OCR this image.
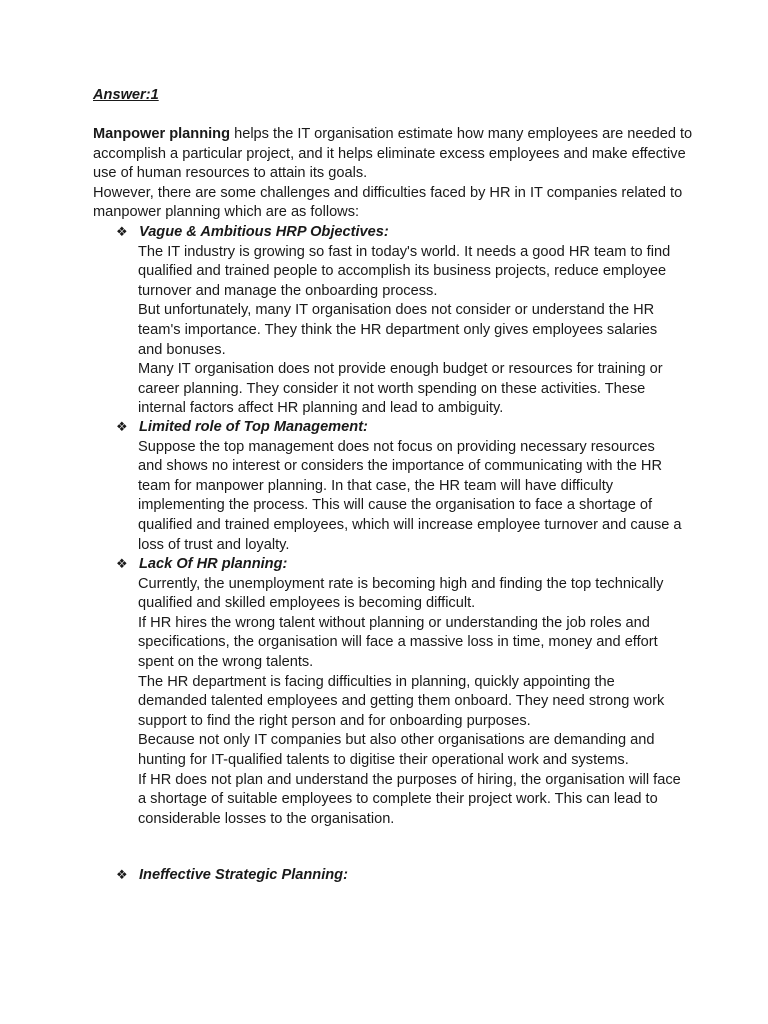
Answer:1

Manpower planning helps the IT organisation estimate how many employees are needed to accomplish a particular project, and it helps eliminate excess employees and make effective use of human resources to attain its goals.

However, there are some challenges and difficulties faced by HR in IT companies related to manpower planning which are as follows:

❖ Vague & Ambitious HRP Objectives:

The IT industry is growing so fast in today's world. It needs a good HR team to find qualified and trained people to accomplish its business projects, reduce employee turnover and manage the onboarding process.

But unfortunately, many IT organisation does not consider or understand the HR team's importance. They think the HR department only gives employees salaries and bonuses.

Many IT organisation does not provide enough budget or resources for training or career planning. They consider it not worth spending on these activities. These internal factors affect HR planning and lead to ambiguity.

❖ Limited role of Top Management:

Suppose the top management does not focus on providing necessary resources and shows no interest or considers the importance of communicating with the HR team for manpower planning. In that case, the HR team will have difficulty implementing the process. This will cause the organisation to face a shortage of qualified and trained employees, which will increase employee turnover and cause a loss of trust and loyalty.

❖ Lack Of HR planning:

Currently, the unemployment rate is becoming high and finding the top technically qualified and skilled employees is becoming difficult.

If HR hires the wrong talent without planning or understanding the job roles and specifications, the organisation will face a massive loss in time, money and effort spent on the wrong talents.

The HR department is facing difficulties in planning, quickly appointing the demanded talented employees and getting them onboard. They need strong work support to find the right person and for onboarding purposes.

Because not only IT companies but also other organisations are demanding and hunting for IT-qualified talents to digitise their operational work and systems.

If HR does not plan and understand the purposes of hiring, the organisation will face a shortage of suitable employees to complete their project work. This can lead to considerable losses to the organisation.

❖ Ineffective Strategic Planning:
